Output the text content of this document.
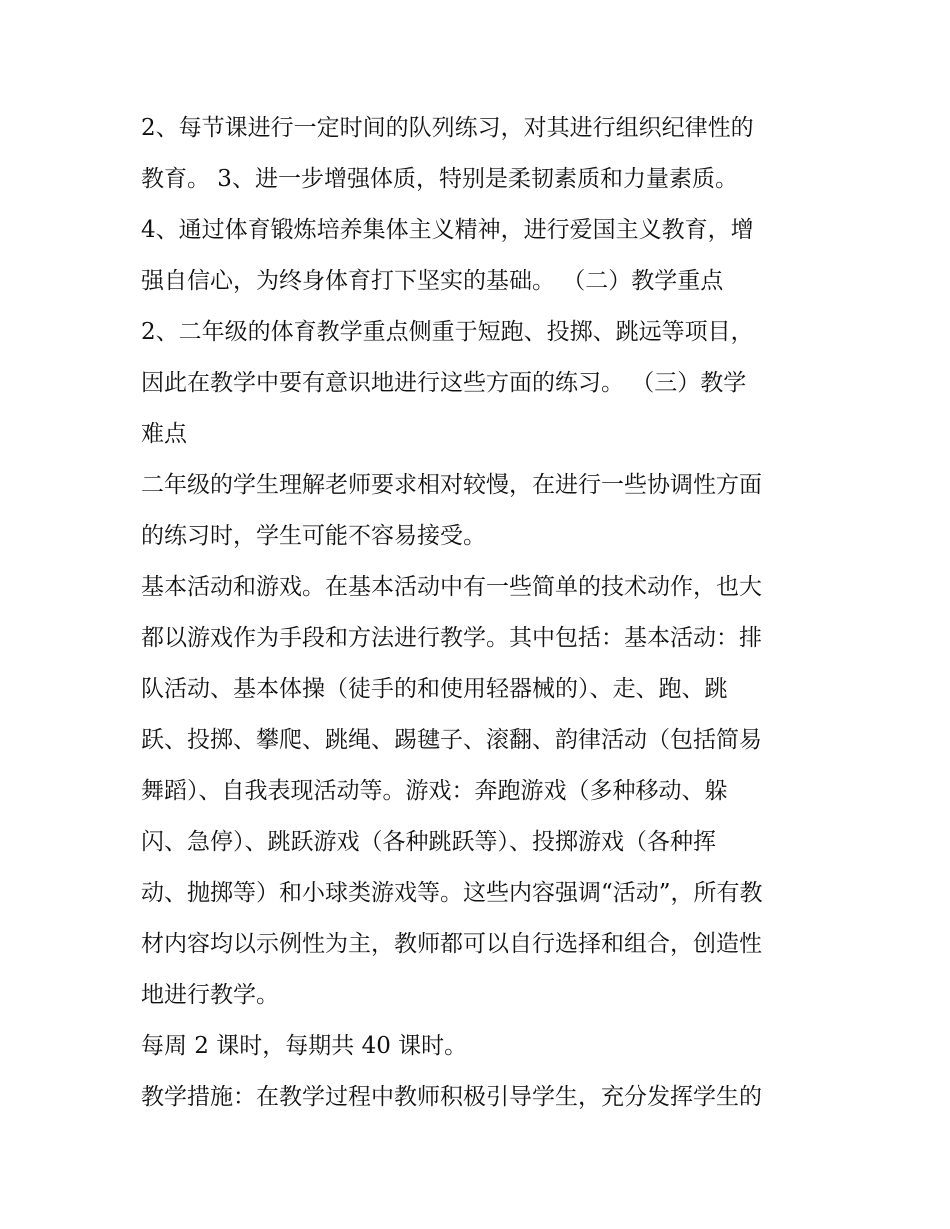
2、每节课进行一定时间的队列练习，对其进行组织纪律性的
教育。 3、进一步增强体质，特别是柔韧素质和力量素质。
4、通过体育锻炼培养集体主义精神，进行爱国主义教育，增
强自信心，为终身体育打下坚实的基础。 （二）教学重点
2、二年级的体育教学重点侧重于短跑、投掷、跳远等项目，
因此在教学中要有意识地进行这些方面的练习。 （三）教学
难点
二年级的学生理解老师要求相对较慢，在进行一些协调性方面
的练习时，学生可能不容易接受。
基本活动和游戏。在基本活动中有一些简单的技术动作，也大
都以游戏作为手段和方法进行教学。其中包括：基本活动：排
队活动、基本体操（徒手的和使用轻器械的）、走、跑、跳
跃、投掷、攀爬、跳绳、踢毽子、滚翻、韵律活动（包括简易
舞蹈）、自我表现活动等。游戏：奔跑游戏（多种移动、躲
闪、急停）、跳跃游戏（各种跳跃等）、投掷游戏（各种挥
动、抛掷等）和小球类游戏等。这些内容强调“活动”，所有教
材内容均以示例性为主，教师都可以自行选择和组合，创造性
地进行教学。
每周 2 课时，每期共 40 课时。
教学措施：在教学过程中教师积极引导学生，充分发挥学生的
